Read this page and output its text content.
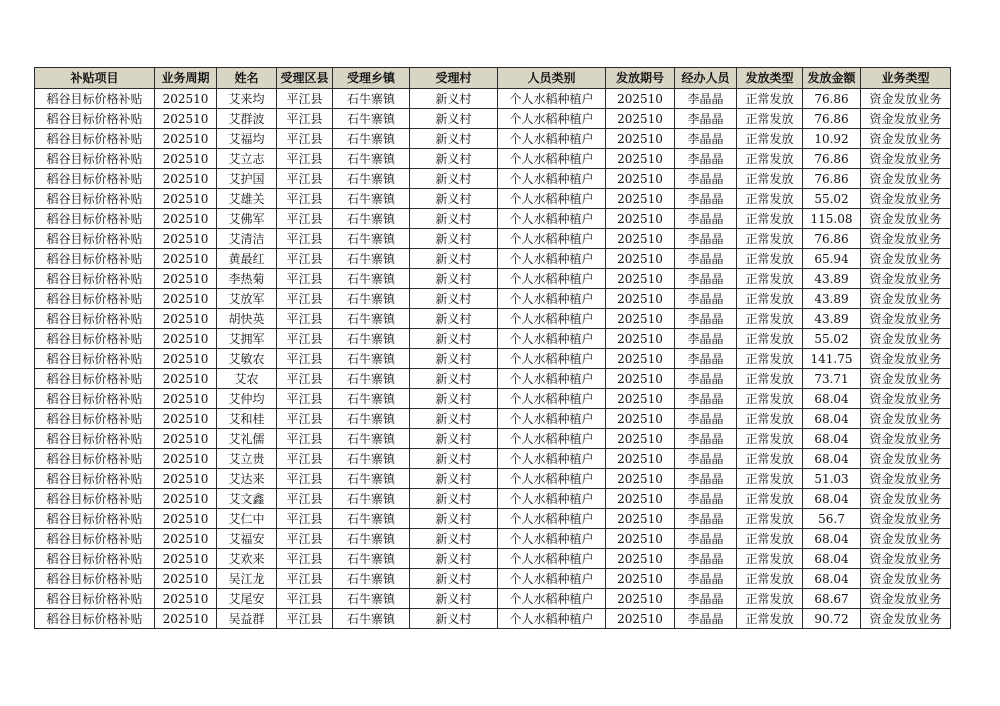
补贴项目	业务周期	姓名	受理区县	受理乡镇	受理村	人员类别	发放期号	经办人员	发放类型	发放金额	业务类型
稻谷目标价格补贴	202510	艾来均	平江县	石牛寨镇	新义村	个人水稻种植户	202510	李晶晶	正常发放	76.86	资金发放业务
稻谷目标价格补贴	202510	艾群波	平江县	石牛寨镇	新义村	个人水稻种植户	202510	李晶晶	正常发放	76.86	资金发放业务
稻谷目标价格补贴	202510	艾福均	平江县	石牛寨镇	新义村	个人水稻种植户	202510	李晶晶	正常发放	10.92	资金发放业务
稻谷目标价格补贴	202510	艾立志	平江县	石牛寨镇	新义村	个人水稻种植户	202510	李晶晶	正常发放	76.86	资金发放业务
稻谷目标价格补贴	202510	艾护国	平江县	石牛寨镇	新义村	个人水稻种植户	202510	李晶晶	正常发放	76.86	资金发放业务
稻谷目标价格补贴	202510	艾雄关	平江县	石牛寨镇	新义村	个人水稻种植户	202510	李晶晶	正常发放	55.02	资金发放业务
稻谷目标价格补贴	202510	艾佛军	平江县	石牛寨镇	新义村	个人水稻种植户	202510	李晶晶	正常发放	115.08	资金发放业务
稻谷目标价格补贴	202510	艾清洁	平江县	石牛寨镇	新义村	个人水稻种植户	202510	李晶晶	正常发放	76.86	资金发放业务
稻谷目标价格补贴	202510	黄最红	平江县	石牛寨镇	新义村	个人水稻种植户	202510	李晶晶	正常发放	65.94	资金发放业务
稻谷目标价格补贴	202510	李热菊	平江县	石牛寨镇	新义村	个人水稻种植户	202510	李晶晶	正常发放	43.89	资金发放业务
稻谷目标价格补贴	202510	艾放军	平江县	石牛寨镇	新义村	个人水稻种植户	202510	李晶晶	正常发放	43.89	资金发放业务
稻谷目标价格补贴	202510	胡快英	平江县	石牛寨镇	新义村	个人水稻种植户	202510	李晶晶	正常发放	43.89	资金发放业务
稻谷目标价格补贴	202510	艾拥军	平江县	石牛寨镇	新义村	个人水稻种植户	202510	李晶晶	正常发放	55.02	资金发放业务
稻谷目标价格补贴	202510	艾敏农	平江县	石牛寨镇	新义村	个人水稻种植户	202510	李晶晶	正常发放	141.75	资金发放业务
稻谷目标价格补贴	202510	艾农	平江县	石牛寨镇	新义村	个人水稻种植户	202510	李晶晶	正常发放	73.71	资金发放业务
稻谷目标价格补贴	202510	艾仲均	平江县	石牛寨镇	新义村	个人水稻种植户	202510	李晶晶	正常发放	68.04	资金发放业务
稻谷目标价格补贴	202510	艾和桂	平江县	石牛寨镇	新义村	个人水稻种植户	202510	李晶晶	正常发放	68.04	资金发放业务
稻谷目标价格补贴	202510	艾礼儒	平江县	石牛寨镇	新义村	个人水稻种植户	202510	李晶晶	正常发放	68.04	资金发放业务
稻谷目标价格补贴	202510	艾立贵	平江县	石牛寨镇	新义村	个人水稻种植户	202510	李晶晶	正常发放	68.04	资金发放业务
稻谷目标价格补贴	202510	艾达来	平江县	石牛寨镇	新义村	个人水稻种植户	202510	李晶晶	正常发放	51.03	资金发放业务
稻谷目标价格补贴	202510	艾文鑫	平江县	石牛寨镇	新义村	个人水稻种植户	202510	李晶晶	正常发放	68.04	资金发放业务
稻谷目标价格补贴	202510	艾仁中	平江县	石牛寨镇	新义村	个人水稻种植户	202510	李晶晶	正常发放	56.7	资金发放业务
稻谷目标价格补贴	202510	艾福安	平江县	石牛寨镇	新义村	个人水稻种植户	202510	李晶晶	正常发放	68.04	资金发放业务
稻谷目标价格补贴	202510	艾欢来	平江县	石牛寨镇	新义村	个人水稻种植户	202510	李晶晶	正常发放	68.04	资金发放业务
稻谷目标价格补贴	202510	吴江龙	平江县	石牛寨镇	新义村	个人水稻种植户	202510	李晶晶	正常发放	68.04	资金发放业务
稻谷目标价格补贴	202510	艾尾安	平江县	石牛寨镇	新义村	个人水稻种植户	202510	李晶晶	正常发放	68.67	资金发放业务
稻谷目标价格补贴	202510	吴益群	平江县	石牛寨镇	新义村	个人水稻种植户	202510	李晶晶	正常发放	90.72	资金发放业务
